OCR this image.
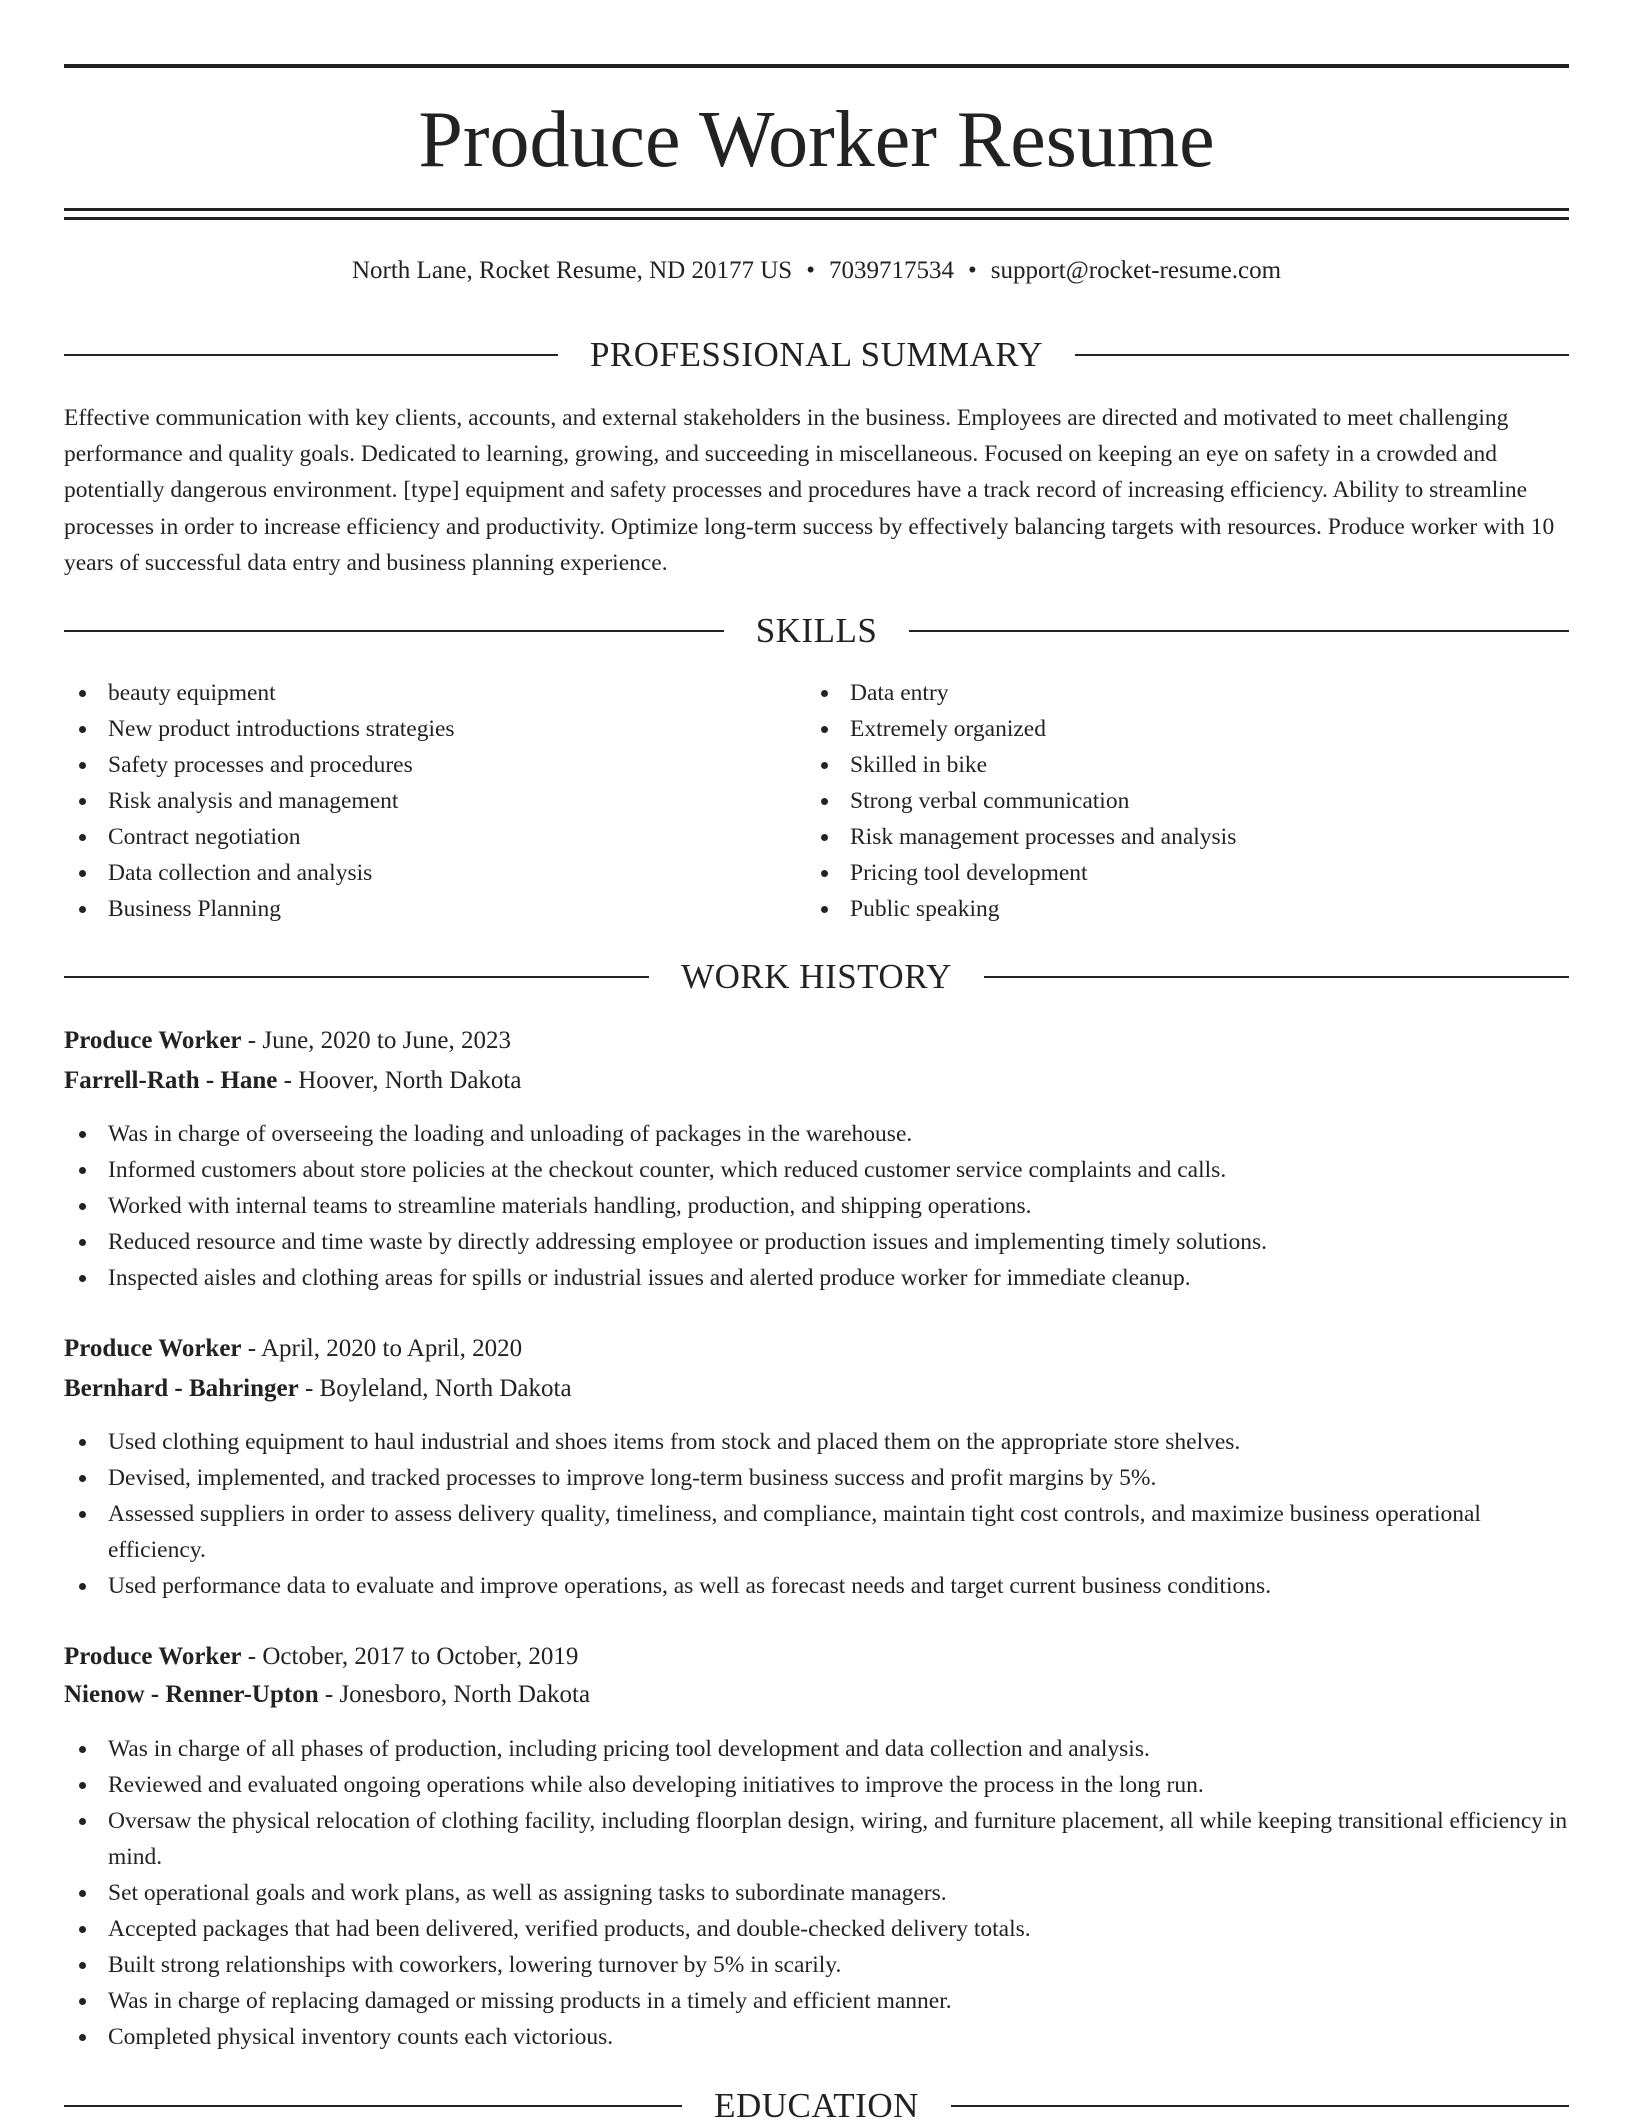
Produce Worker Resume
North Lane, Rocket Resume, ND 20177 US • 7039717534 • support@rocket-resume.com
PROFESSIONAL SUMMARY

Effective communication with key clients, accounts, and external stakeholders in the business. Employees are directed and motivated to meet challenging performance and quality goals. Dedicated to learning, growing, and succeeding in miscellaneous. Focused on keeping an eye on safety in a crowded and potentially dangerous environment. [type] equipment and safety processes and procedures have a track record of increasing efficiency. Ability to streamline processes in order to increase efficiency and productivity. Optimize long-term success by effectively balancing targets with resources. Produce worker with 10 years of successful data entry and business planning experience.

SKILLS
beauty equipment
New product introductions strategies
Safety processes and procedures
Risk analysis and management
Contract negotiation
Data collection and analysis
Business Planning
Data entry
Extremely organized
Skilled in bike
Strong verbal communication
Risk management processes and analysis
Pricing tool development
Public speaking
WORK HISTORY
Produce Worker - June, 2020 to June, 2023
Farrell-Rath - Hane - Hoover, North Dakota
Was in charge of overseeing the loading and unloading of packages in the warehouse.
Informed customers about store policies at the checkout counter, which reduced customer service complaints and calls.
Worked with internal teams to streamline materials handling, production, and shipping operations.
Reduced resource and time waste by directly addressing employee or production issues and implementing timely solutions.
Inspected aisles and clothing areas for spills or industrial issues and alerted produce worker for immediate cleanup.
Produce Worker - April, 2020 to April, 2020
Bernhard - Bahringer - Boyleland, North Dakota
Used clothing equipment to haul industrial and shoes items from stock and placed them on the appropriate store shelves.
Devised, implemented, and tracked processes to improve long-term business success and profit margins by 5%.
Assessed suppliers in order to assess delivery quality, timeliness, and compliance, maintain tight cost controls, and maximize business operational efficiency.
Used performance data to evaluate and improve operations, as well as forecast needs and target current business conditions.
Produce Worker - October, 2017 to October, 2019
Nienow - Renner-Upton - Jonesboro, North Dakota
Was in charge of all phases of production, including pricing tool development and data collection and analysis.
Reviewed and evaluated ongoing operations while also developing initiatives to improve the process in the long run.
Oversaw the physical relocation of clothing facility, including floorplan design, wiring, and furniture placement, all while keeping transitional efficiency in mind.
Set operational goals and work plans, as well as assigning tasks to subordinate managers.
Accepted packages that had been delivered, verified products, and double-checked delivery totals.
Built strong relationships with coworkers, lowering turnover by 5% in scarily.
Was in charge of replacing damaged or missing products in a timely and efficient manner.
Completed physical inventory counts each victorious.
EDUCATION
